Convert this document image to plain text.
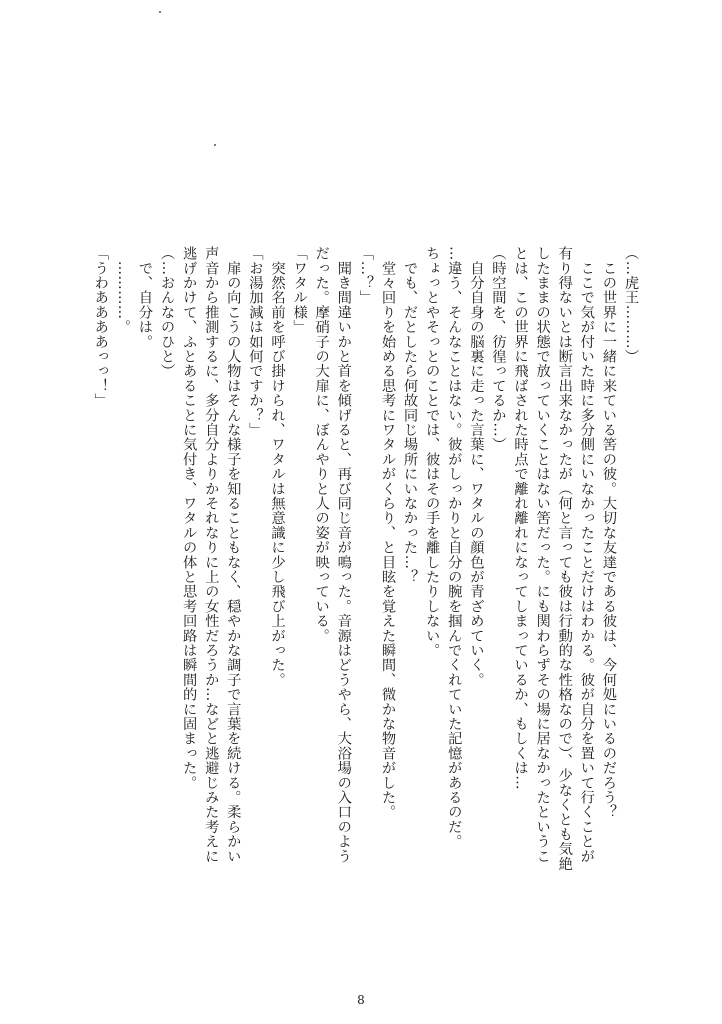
（…虎王………）
　この世界に一緒に来ている筈の彼。大切な友達である彼は、今何処にいるのだろう？
　ここで気が付いた時に多分側にいなかったことだけはわかる。彼が自分を置いて行くことが
有り得ないとは断言出来なかったが（何と言っても彼は行動的な性格なので）、少なくとも気絶
したままの状態で放っていくことはない筈だった。にも関わらずその場に居なかったというこ
とは、この世界に飛ばされた時点で離れ離れになってしまっているか、もしくは…
（時空間を、彷徨ってるか…）
　自分自身の脳裏に走った言葉に、ワタルの顔色が青ざめていく。
…違う、そんなことはない。彼がしっかりと自分の腕を掴んでくれていた記憶があるのだ。
ちょっとやそっとのことでは、彼はその手を離したりしない。
　でも、だとしたら何故同じ場所にいなかった…？
　堂々回りを始める思考にワタルがくらり、と目眩を覚えた瞬間、微かな物音がした。
「…？」
　聞き間違いかと首を傾げると、再び同じ音が鳴った。音源はどうやら、大浴場の入口のよう
だった。摩硝子の大扉に、ぼんやりと人の姿が映っている。
「ワタル様」
　突然名前を呼び掛けられ、ワタルは無意識に少し飛び上がった。
「お湯加減は如何ですか？」
　扉の向こうの人物はそんな様子を知ることもなく、穏やかな調子で言葉を続ける。柔らかい
声音から推測するに、多分自分よりかそれなりに上の女性だろうか…などと逃避じみた考えに
逃げかけて、ふとあることに気付き、ワタルの体と思考回路は瞬間的に固まった。
（…おんなのひと）
　で、自分は。
　…………。
「うわああああっっ！」
8
